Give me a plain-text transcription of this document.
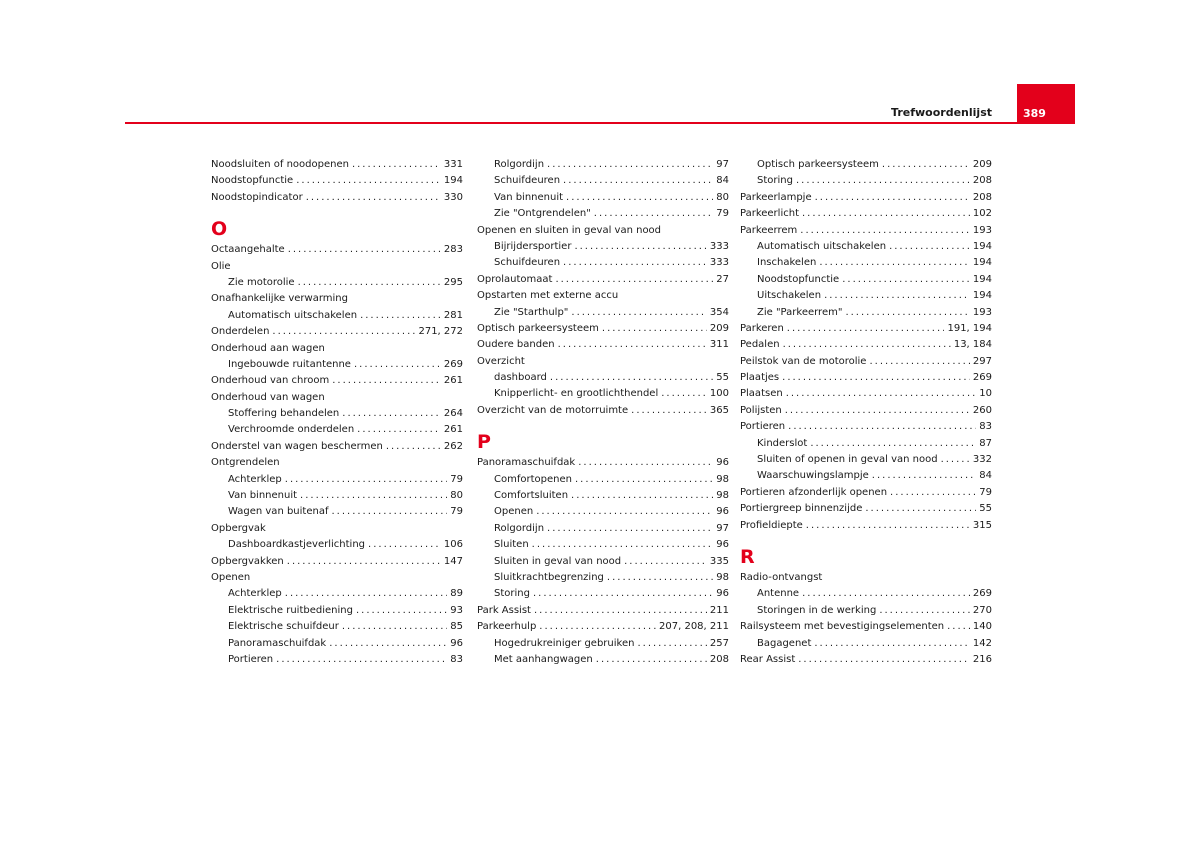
Trefwoordenlijst	389
Noodsluiten of noodopenen .....	331
Noodstopfunctie .....	194
Noodstopindicator .....	330
O
Octaangehalte .....	283
Olie
Zie motorolie .....	295
Onafhankelijke verwarming
Automatisch uitschakelen .....	281
Onderdelen .....	271, 272
Onderhoud aan wagen
Ingebouwde ruitantenne .....	269
Onderhoud van chroom .....	261
Onderhoud van wagen
Stoffering behandelen .....	264
Verchroomde onderdelen .....	261
Onderstel van wagen beschermen .....	262
Ontgrendelen
Achterklep .....	79
Van binnenuit .....	80
Wagen van buitenaf .....	79
Opbergvak
Dashboardkastjeverlichting .....	106
Opbergvakken .....	147
Openen
Achterklep .....	89
Elektrische ruitbediening .....	93
Elektrische schuifdeur .....	85
Panoramaschuifdak .....	96
Portieren .....	83
Rolgordijn .....	97
Schuifdeuren .....	84
Van binnenuit .....	80
Zie "Ontgrendelen" .....	79
Openen en sluiten in geval van nood
Bijrijdersportier .....	333
Schuifdeuren .....	333
Oprolautomaat .....	27
Opstarten met externe accu
Zie "Starthulp" .....	354
Optisch parkeersysteem .....	209
Oudere banden .....	311
Overzicht
dashboard .....	55
Knipperlicht- en grootlichthendel .....	100
Overzicht van de motorruimte .....	365
P
Panoramaschuifdak .....	96
Comfortopenen .....	98
Comfortsluiten .....	98
Openen .....	96
Rolgordijn .....	97
Sluiten .....	96
Sluiten in geval van nood .....	335
Sluitkrachtbegrenzing .....	98
Storing .....	96
Park Assist .....	211
Parkeerhulp .....	207, 208, 211
Hogedrukreiniger gebruiken .....	257
Met aanhangwagen .....	208
Optisch parkeersysteem .....	209
Storing .....	208
Parkeerlampje .....	208
Parkeerlicht .....	102
Parkeerrem .....	193
Automatisch uitschakelen .....	194
Inschakelen .....	194
Noodstopfunctie .....	194
Uitschakelen .....	194
Zie "Parkeerrem" .....	193
Parkeren .....	191, 194
Pedalen .....	13, 184
Peilstok van de motorolie .....	297
Plaatjes .....	269
Plaatsen .....	10
Polijsten .....	260
Portieren .....	83
Kinderslot .....	87
Sluiten of openen in geval van nood .....	332
Waarschuwingslampje .....	84
Portieren afzonderlijk openen .....	79
Portiergreep binnenzijde .....	55
Profieldiepte .....	315
R
Radio-ontvangst
Antenne .....	269
Storingen in de werking .....	270
Railsysteem met bevestigingselementen .....	140
Bagagenet .....	142
Rear Assist .....	216
